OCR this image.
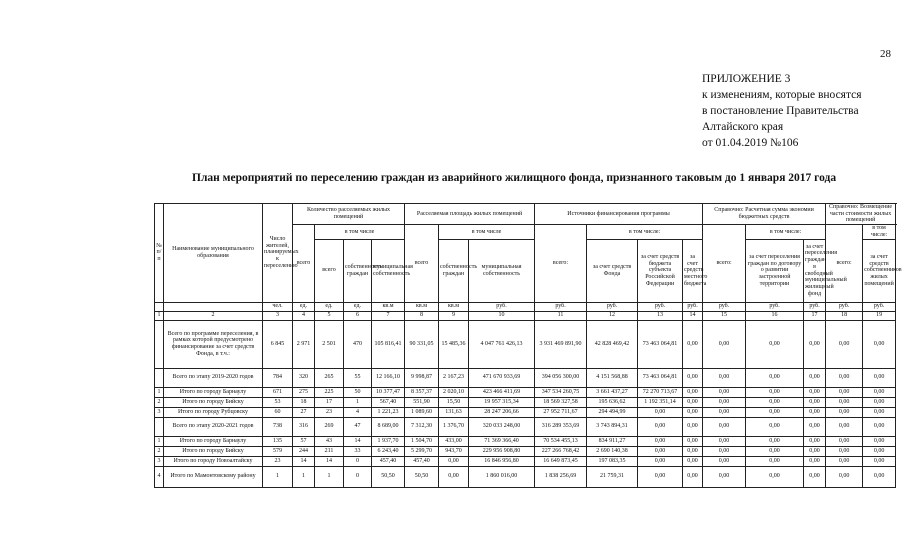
28
ПРИЛОЖЕНИЕ 3
к изменениям, которые вносятся
в постановление Правительства
Алтайского края
от 01.04.2019 №106
План мероприятий по переселению граждан из аварийного жилищного фонда, признанного таковым до 1 января 2017 года
№ п/п	Наименование муниципального образования	Число жителей, планируемых к переселению	Количество расселяемых жилых помещений				Расселяемая площадь жилых помещений			Источники финансирования программы				Справочно: Расчетная сумма экономии бюджетных средств			Справочно: Возмещение части стоимости жилых помещений		
			всего	в том числе			всего	в том числе		всего:	в том числе:			всего:	в том числе:		всего:	в том числе:	
				всего	собственность граждан	муниципальная собственность		собственность граждан	муниципальная собственность		за счет средств Фонда	за счет средств бюджета субъекта Российской Федерации	за счет средств местного бюджета		за счет переселения граждан по договору о развитии застроенной территории	за счет переселения граждан в свободный муниципальный жилищный фонд		за счет средств собственников жилых помещений	
		чел.	ед.	ед.	ед.	кв.м	кв.м	кв.м	руб.	руб.	руб.	руб.	руб.	руб.	руб.	руб.	руб.	руб.	
1	2	3	4	5	6	7	8	9	10	11	12	13	14	15	16	17	18	19	
	Всего по программе переселения, в рамках которой предусмотрено финансирование за счет средств Фонда, в т.ч.:	6 845	2 971	2 501	470	105 816,41	90 331,05	15 485,36	4 047 761 426,13	3 931 469 891,90	42 828 469,42	73 463 064,81	0,00	0,00	0,00	0,00	0,00	0,00	
	Всего по этапу 2019-2020 годов	784	320	265	55	12 166,10	9 998,87	2 167,23	471 670 933,69	394 056 300,00	4 151 568,88	73 463 064,81	0,00	0,00	0,00	0,00	0,00	0,00	
1	Итого по городу Барнаулу	671	275	225	50	10 377,47	8 357,37	2 020,10	423 466 411,69	347 534 260,75	3 661 437,27	72 270 713,67	0,00	0,00	0,00	0,00	0,00	0,00	
2	Итого по городу Бийску	53	18	17	1	567,40	551,90	15,50	19 957 315,34	18 569 327,58	195 636,62	1 192 351,14	0,00	0,00	0,00	0,00	0,00	0,00	
3	Итого по городу Рубцовску	60	27	23	4	1 221,23	1 089,60	131,63	28 247 206,66	27 952 711,67	294 494,99	0,00	0,00	0,00	0,00	0,00	0,00	0,00	
	Всего по этапу 2020-2021 годов	738	316	269	47	8 689,00	7 312,30	1 376,70	320 033 248,00	316 289 353,69	3 743 894,31	0,00	0,00	0,00	0,00	0,00	0,00	0,00	
1	Итого по городу Барнаулу	135	57	43	14	1 937,70	1 504,70	433,00	71 369 366,40	70 534 455,13	834 911,27	0,00	0,00	0,00	0,00	0,00	0,00	0,00	
2	Итого по городу Бийску	579	244	211	33	6 243,40	5 299,70	943,70	229 956 908,80	227 266 768,42	2 690 140,38	0,00	0,00	0,00	0,00	0,00	0,00	0,00	
3	Итого по городу Новоалтайску	23	14	14	0	457,40	457,40	0,00	16 846 956,80	16 649 873,45	197 083,35	0,00	0,00	0,00	0,00	0,00	0,00	0,00	
4	Итого по Мамонтовскому району	1	1	1	0	50,50	50,50	0,00	1 860 016,00	1 838 256,69	21 759,31	0,00	0,00	0,00	0,00	0,00	0,00	0,00	
